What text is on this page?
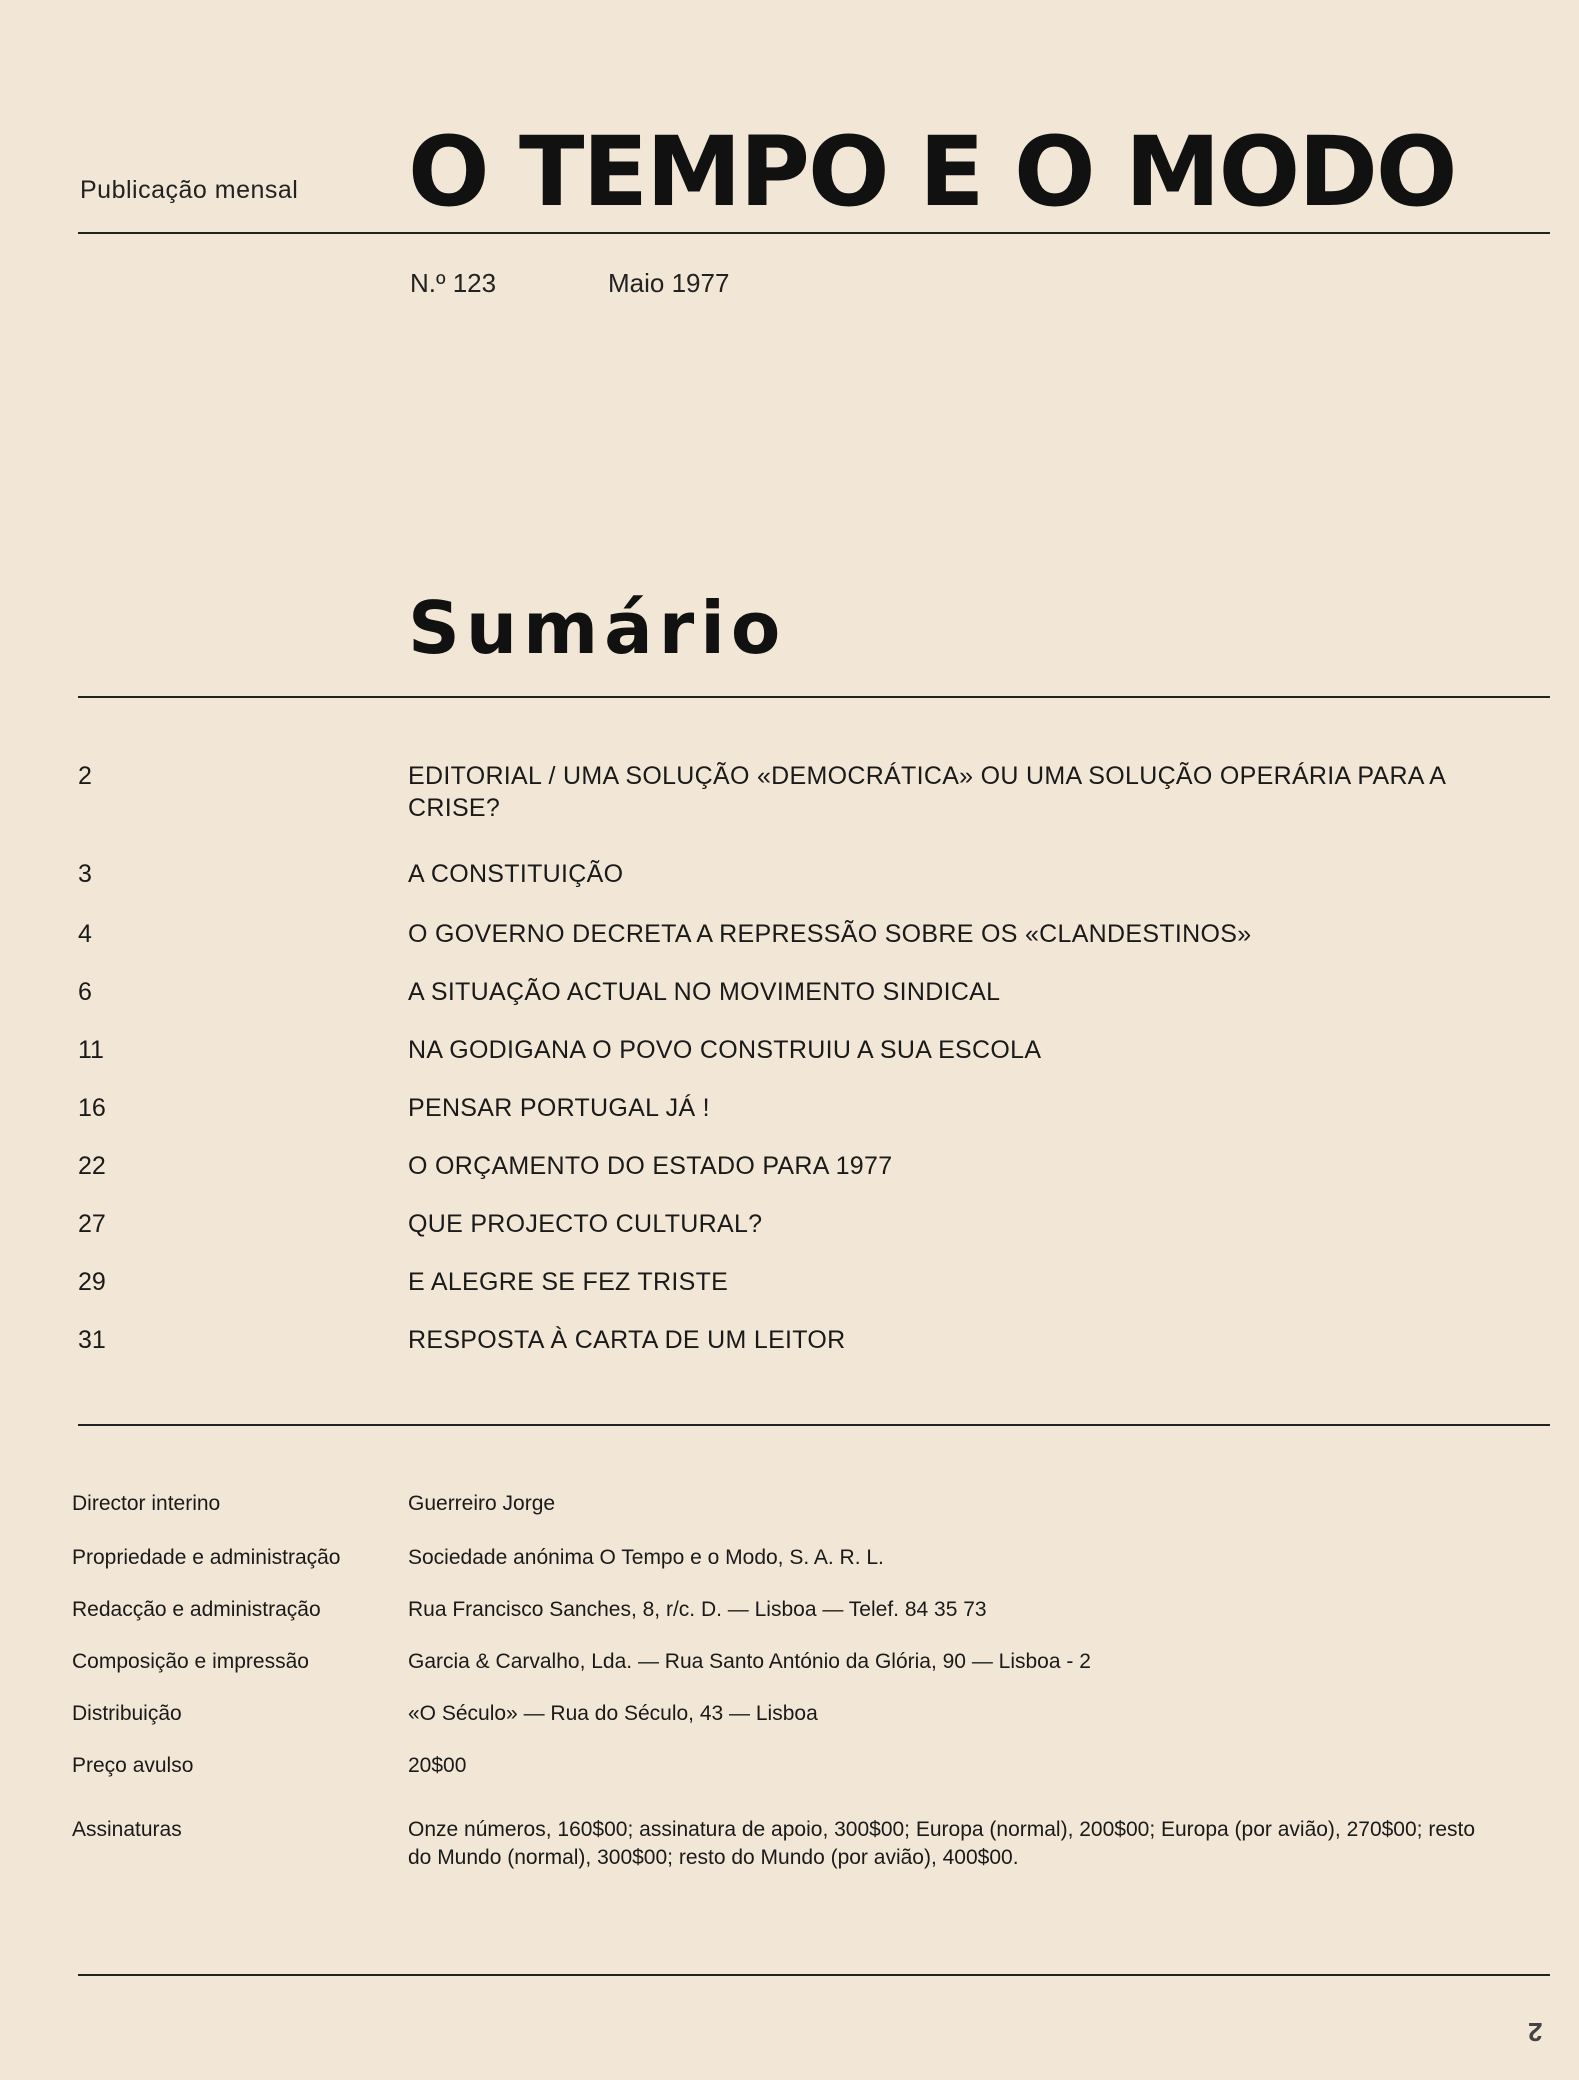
Publicação mensal O TEMPO E O MODO
N.º 123	Maio 1977
Sumário
2	EDITORIAL / UMA SOLUÇÃO «DEMOCRÁTICA» OU UMA SOLUÇÃO OPERÁRIA PARA A CRISE?
3	A CONSTITUIÇÃO
4	O GOVERNO DECRETA A REPRESSÃO SOBRE OS «CLANDESTINOS»
6	A SITUAÇÃO ACTUAL NO MOVIMENTO SINDICAL
11	NA GODIGANA O POVO CONSTRUIU A SUA ESCOLA
16	PENSAR PORTUGAL JÁ !
22	O ORÇAMENTO DO ESTADO PARA 1977
27	QUE PROJECTO CULTURAL?
29	E ALEGRE SE FEZ TRISTE
31	RESPOSTA À CARTA DE UM LEITOR
Director interino	Guerreiro Jorge
Propriedade e administração	Sociedade anónima O Tempo e o Modo, S. A. R. L.
Redacção e administração	Rua Francisco Sanches, 8, r/c. D. — Lisboa — Telef. 84 35 73
Composição e impressão	Garcia & Carvalho, Lda. — Rua Santo António da Glória, 90 — Lisboa - 2
Distribuição	«O Século» — Rua do Século, 43 — Lisboa
Preço avulso	20$00
Assinaturas	Onze números, 160$00; assinatura de apoio, 300$00; Europa (normal), 200$00; Europa (por avião), 270$00; resto do Mundo (normal), 300$00; resto do Mundo (por avião), 400$00.
2
